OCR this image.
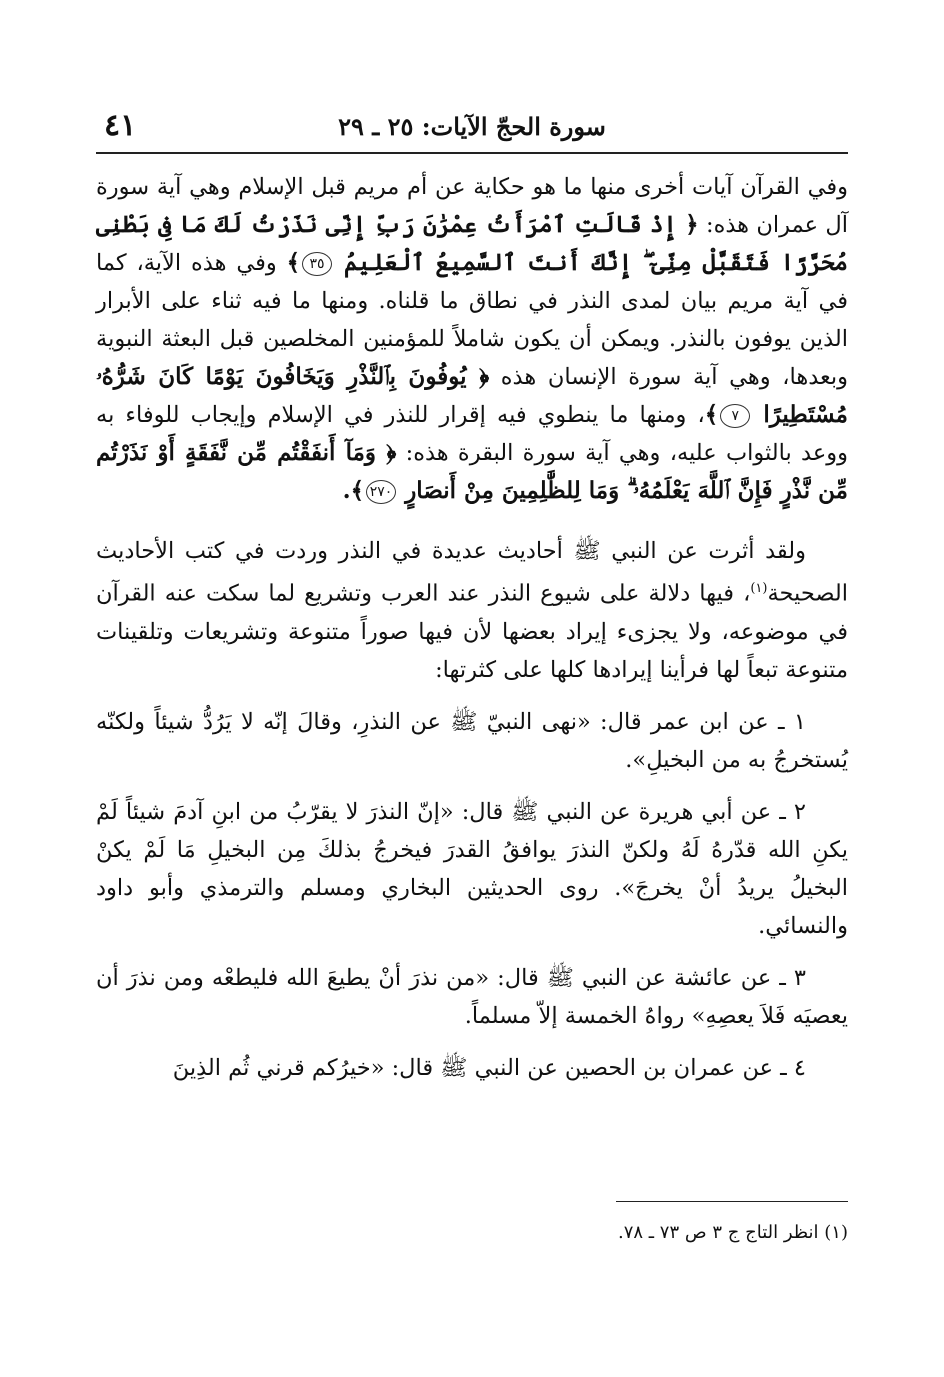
سورة الحجّ الآيات: ٢٥ ـ ٢٩
٤١

وفي القرآن آيات أخرى منها ما هو حكاية عن أم مريم قبل الإسلام وهي آية سورة آل عمران هذه: ﴿ إِذْ قَالَتِ ٱمْرَأَتُ عِمْرَٰنَ رَبِّ إِنِّى نَذَرْتُ لَكَ مَا فِى بَطْنِى مُحَرَّرًا فَتَقَبَّلْ مِنِّىٓ ۖ إِنَّكَ أَنتَ ٱلسَّمِيعُ ٱلْعَلِيمُ ٣٥﴾ وفي هذه الآية، كما في آية مريم بيان لمدى النذر في نطاق ما قلناه. ومنها ما فيه ثناء على الأبرار الذين يوفون بالنذر. ويمكن أن يكون شاملاً للمؤمنين المخلصين قبل البعثة النبوية وبعدها، وهي آية سورة الإنسان هذه ﴿ يُوفُونَ بِٱلنَّذْرِ وَيَخَافُونَ يَوْمًا كَانَ شَرُّهُۥ مُسْتَطِيرًا ٧﴾، ومنها ما ينطوي فيه إقرار للنذر في الإسلام وإيجاب للوفاء به ووعد بالثواب عليه، وهي آية سورة البقرة هذه: ﴿ وَمَآ أَنفَقْتُم مِّن نَّفَقَةٍ أَوْ نَذَرْتُم مِّن نَّذْرٍ فَإِنَّ ٱللَّهَ يَعْلَمُهُۥ ۗ وَمَا لِلظَّٰلِمِينَ مِنْ أَنصَارٍ ٢٧٠﴾.

ولقد أثرت عن النبي ﷺ أحاديث عديدة في النذر وردت في كتب الأحاديث الصحيحة$^{(١)}$، فيها دلالة على شيوع النذر عند العرب وتشريع لما سكت عنه القرآن في موضوعه، ولا يجزىء إيراد بعضها لأن فيها صوراً متنوعة وتشريعات وتلقينات متنوعة تبعاً لها فرأينا إيرادها كلها على كثرتها:

١ ـ عن ابن عمر قال: «نهى النبيّ ﷺ عن النذرِ، وقالَ إنّه لا يَرُدُّ شيئاً ولكنّه يُستخرجُ به من البخيلِ».

٢ ـ عن أبي هريرة عن النبي ﷺ قال: «إنّ النذرَ لا يقرّبُ من ابنِ آدمَ شيئاً لَمْ يكنِ الله قدّرهُ لَهُ ولكنّ النذرَ يوافقُ القدرَ فيخرجُ بذلكَ مِن البخيلِ مَا لَمْ يكنْ البخيلُ يريدُ أنْ يخرجَ». روى الحديثين البخاري ومسلم والترمذي وأبو داود والنسائي.

٣ ـ عن عائشة عن النبي ﷺ قال: «من نذرَ أنْ يطيعَ الله فليطعْه ومن نذرَ أن يعصيَه فَلاَ يعصِهِ» رواهُ الخمسة إلاّ مسلماً.

٤ ـ عن عمران بن الحصين عن النبي ﷺ قال: «خيرُكم قرني ثُم الذِينَ

(١) انظر التاج ج ٣ ص ٧٣ ـ ٧٨.
